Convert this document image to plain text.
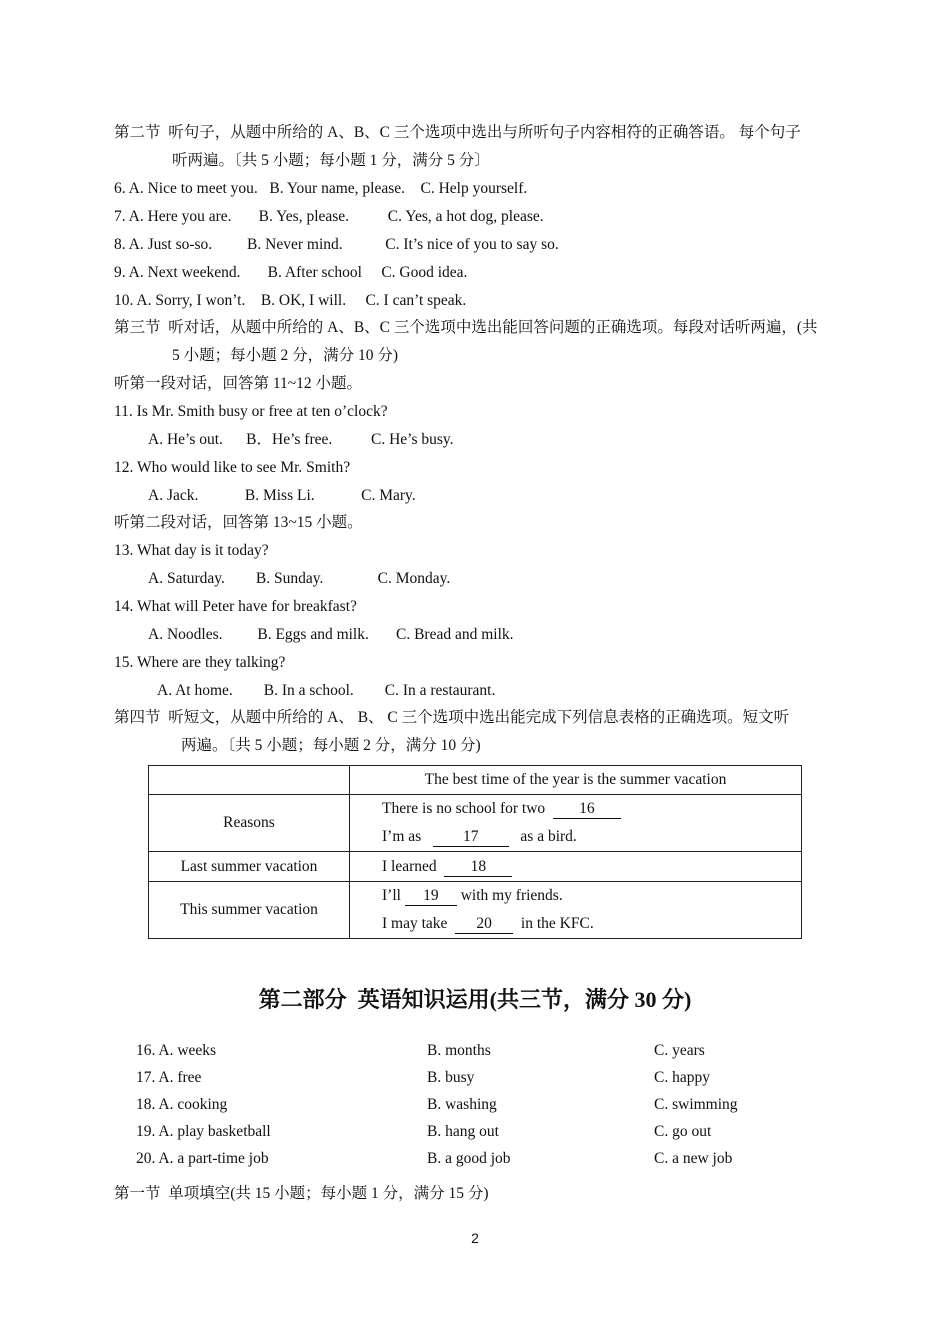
第二节  听句子，从题中所给的 A、B、C 三个选项中选出与所听句子内容相符的正确答语。 每个句子
听两遍。〔共 5 小题；每小题 1 分，满分 5 分〕
6. A. Nice to meet you.   B. Your name, please.    C. Help yourself.
7. A. Here you are.       B. Yes, please.          C. Yes, a hot dog, please.
8. A. Just so-so.         B. Never mind.           C. It’s nice of you to say so.
9. A. Next weekend.       B. After school     C. Good idea.
10. A. Sorry, I won’t.    B. OK, I will.     C. I can’t speak.
第三节  听对话，从题中所给的 A、B、C 三个选项中选出能回答问题的正确选项。每段对话听两遍，(共
5 小题；每小题 2 分，满分 10 分)
听第一段对话，回答第 11~12 小题。
11. Is Mr. Smith busy or free at ten o’clock?
A. He’s out.      B．He’s free.          C. He’s busy.
12. Who would like to see Mr. Smith?
A. Jack.            B. Miss Li.            C. Mary.
听第二段对话，回答第 13~15 小题。
13. What day is it today?
A. Saturday.        B. Sunday.              C. Monday.
14. What will Peter have for breakfast?
A. Noodles.         B. Eggs and milk.       C. Bread and milk.
15. Where are they talking?
A. At home.        B. In a school.        C. In a restaurant.
第四节  听短文，从题中所给的 A、 B、 C 三个选项中选出能完成下列信息表格的正确选项。短文听
两遍。〔共 5 小题；每小题 2 分，满分 10 分)
	The best time of the year is the summer vacation
Reasons	There is no school for two  16
I’m as   17   as a bird.

Last summer vacation	I learned  18

This summer vacation	I’ll 19 with my friends.
I may take  20  in the KFC.
第二部分  英语知识运用(共三节，满分 30 分)
16. A. weeks	B. months	C. years
17. A. free	B. busy	C. happy
18. A. cooking	B. washing	C. swimming
19. A. play basketball	B. hang out	C. go out
20. A. a part-time job	B. a good job	C. a new job
第一节  单项填空(共 15 小题；每小题 1 分，满分 15 分)
2
